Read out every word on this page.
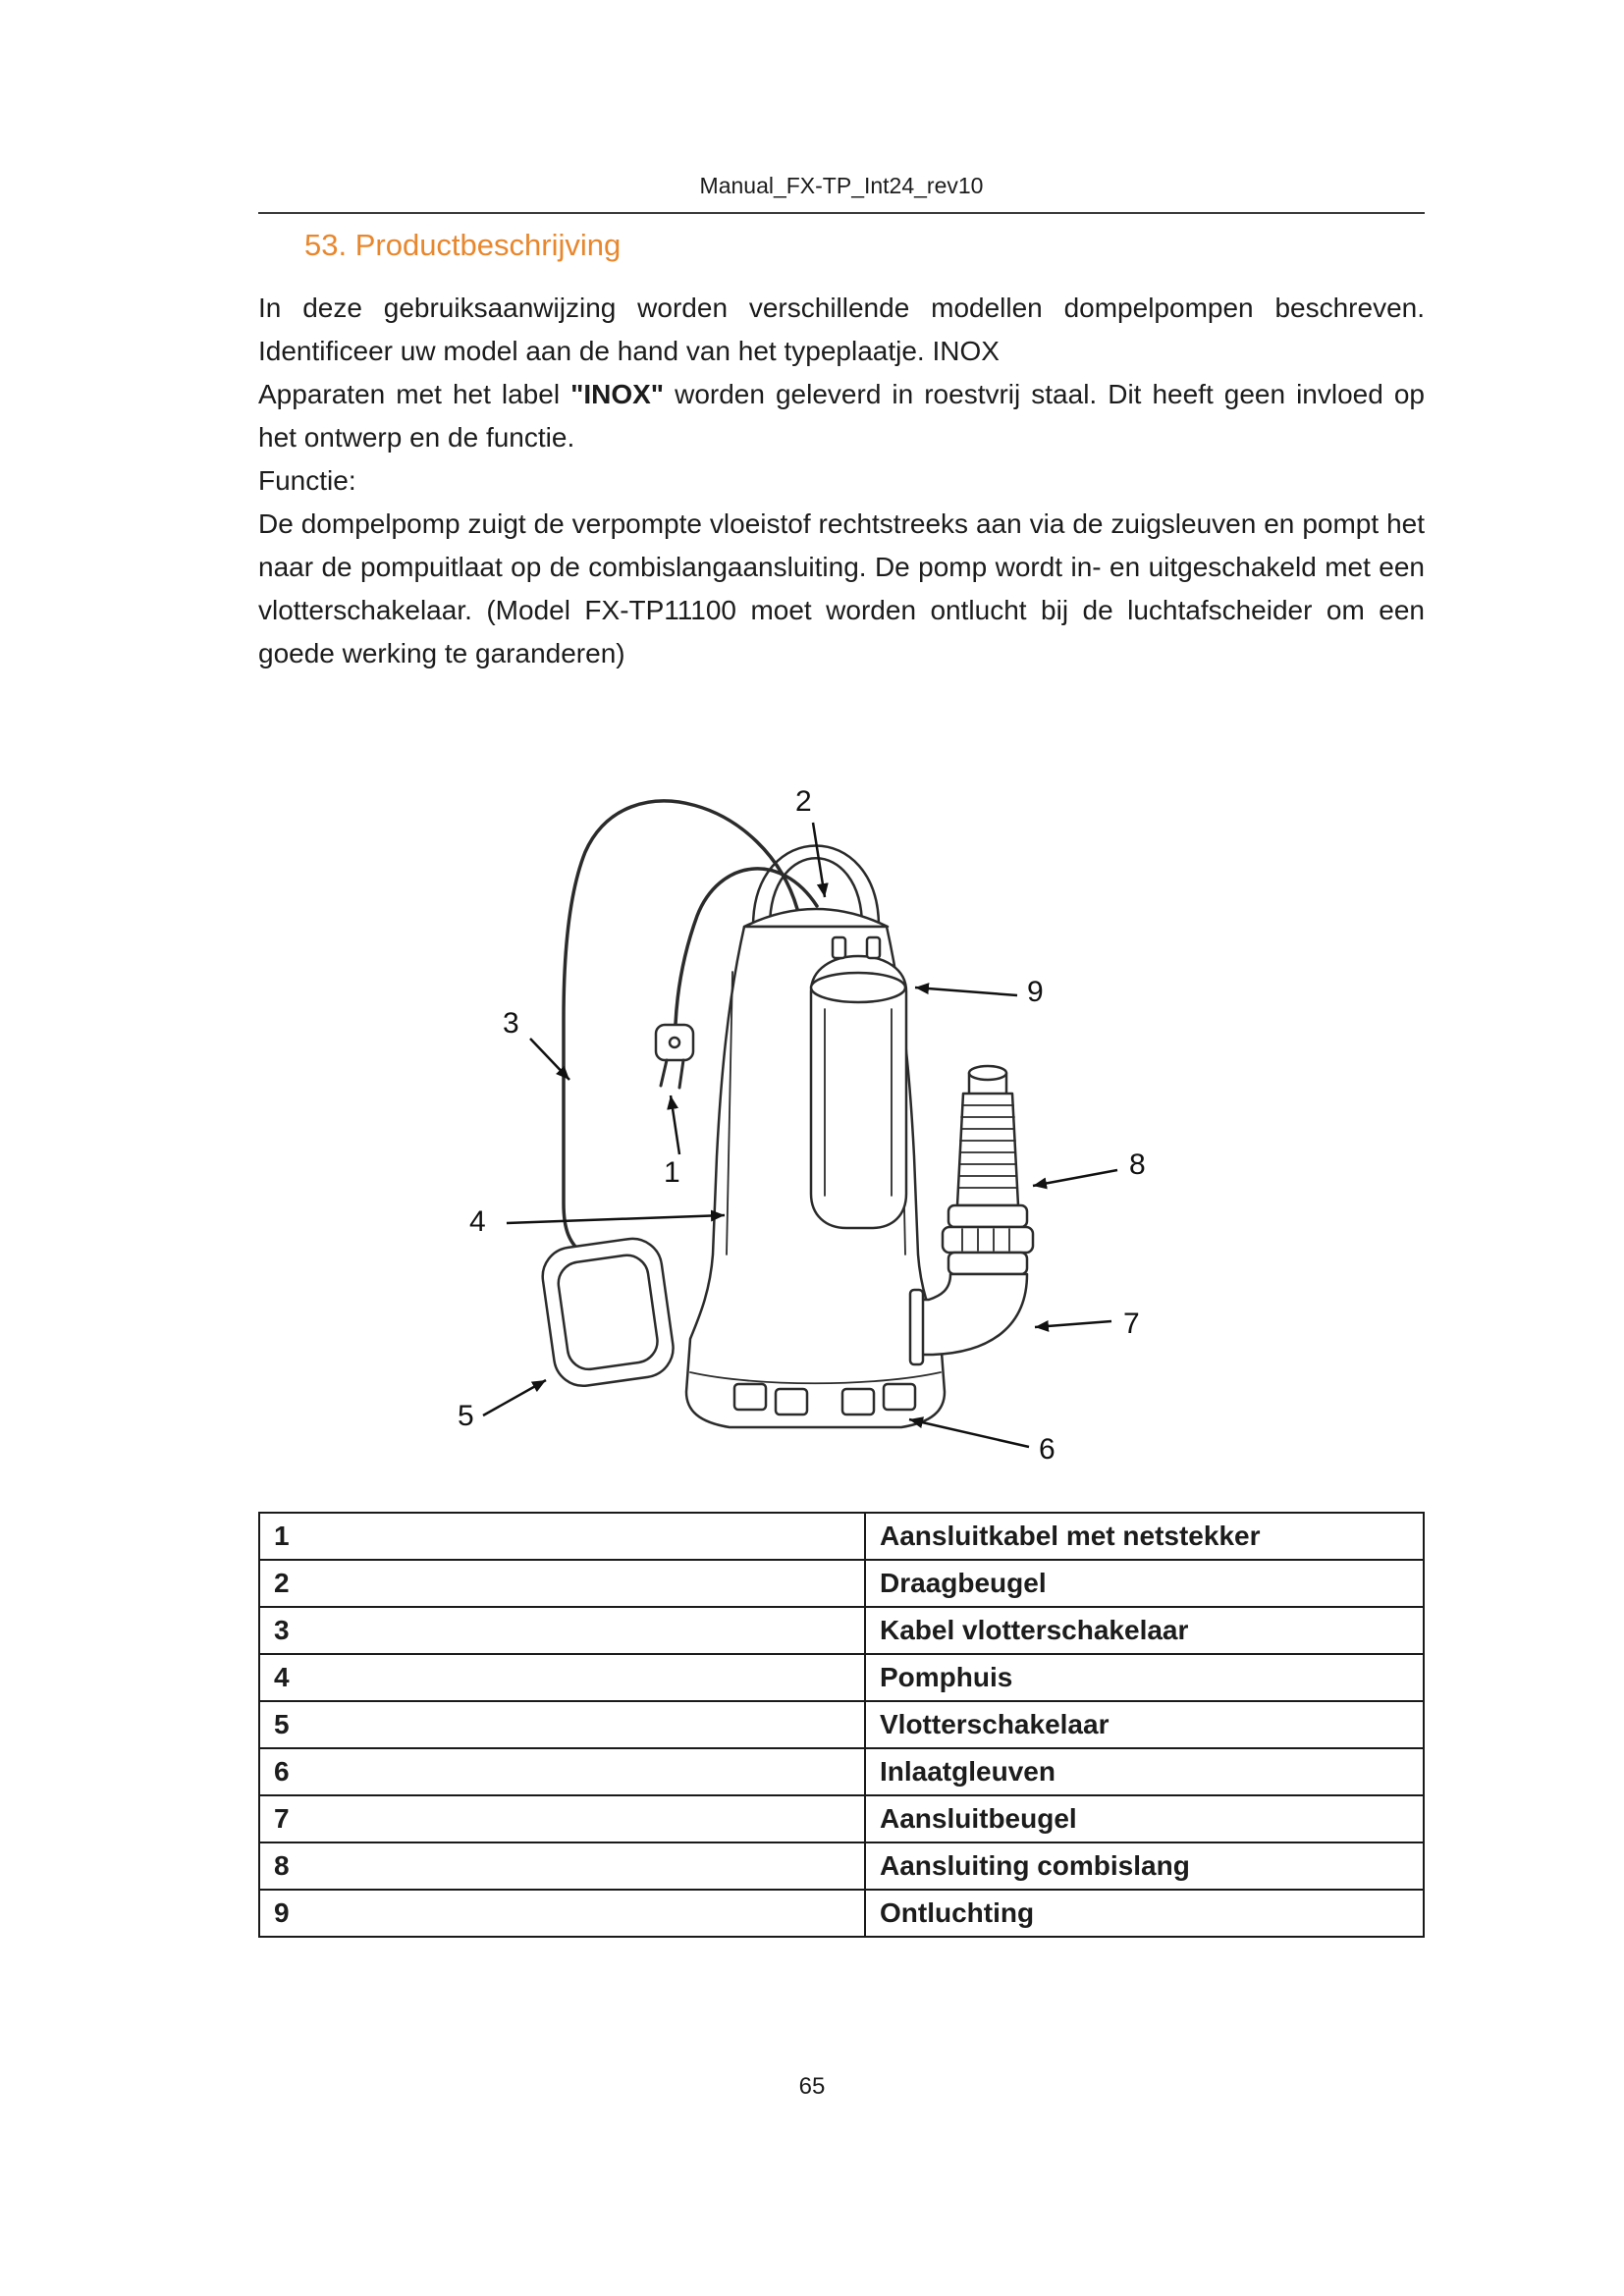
Manual_FX-TP_Int24_rev10
53. Productbeschrijving

In deze gebruiksaanwijzing worden verschillende modellen dompelpompen beschreven. Identificeer uw model aan de hand van het typeplaatje. INOX

Apparaten met het label "INOX" worden geleverd in roestvrij staal. Dit heeft geen invloed op het ontwerp en de functie.

Functie:

De dompelpomp zuigt de verpompte vloeistof rechtstreeks aan via de zuigsleuven en pompt het naar de pompuitlaat op de combislangaansluiting. De pomp wordt in- en uitgeschakeld met een vlotterschakelaar. (Model FX-TP11100 moet worden ontlucht bij de luchtafscheider om een goede werking te garanderen)

1
2
3
4
5
6
7
8
9
1	Aansluitkabel met netstekker
2	Draagbeugel
3	Kabel vlotterschakelaar
4	Pomphuis
5	Vlotterschakelaar
6	Inlaatgleuven
7	Aansluitbeugel
8	Aansluiting combislang
9	Ontluchting
65
